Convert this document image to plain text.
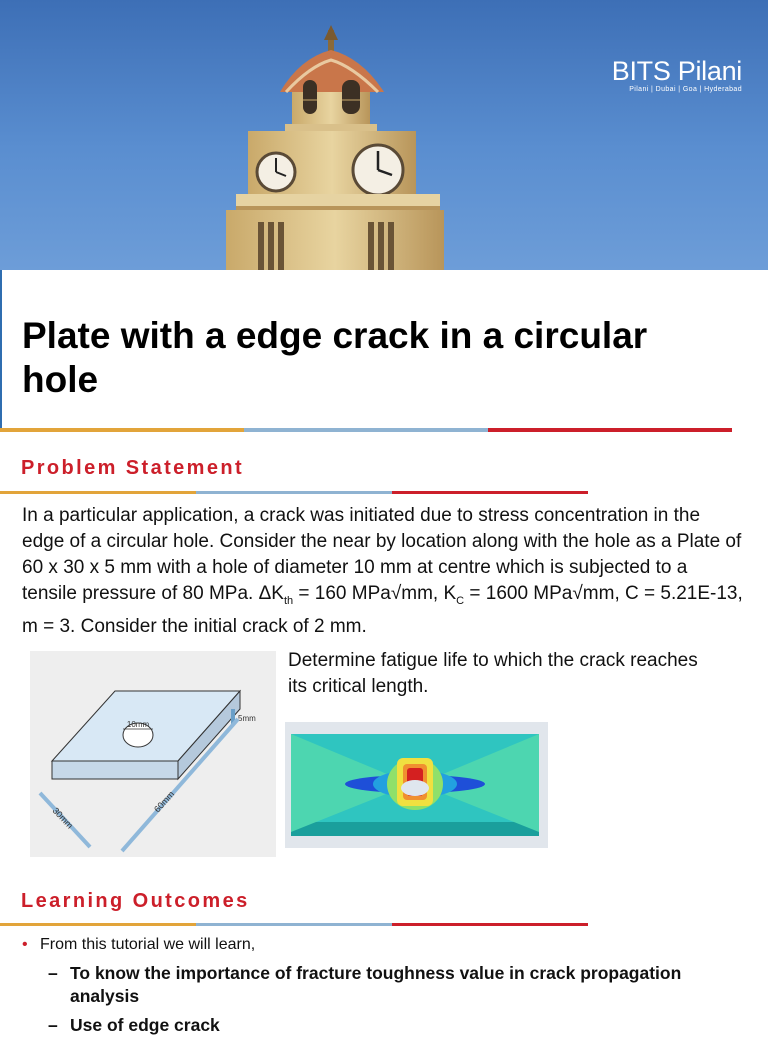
BITS Pilani
Pilani | Dubai | Goa | Hyderabad
Plate with a edge crack in a circular hole
Problem Statement

In a particular application, a crack was initiated due to stress concentration in the edge of a circular hole. Consider the near by location along with the hole as a Plate of 60 x 30 x 5 mm with a hole of diameter 10 mm at centre which is subjected to a tensile pressure of 80 MPa. $\Delta K_{th} = 160$ MPa√mm, $K_C = 1600$ MPa√mm, C = 5.21E-13, m = 3. Consider the initial crack of 2 mm.

10mm
5mm
30mm
60mm

Determine fatigue life to which the crack reaches its critical length.

Learning Outcomes
• From this tutorial we will learn,
– To know the importance of fracture toughness value in crack propagation analysis
– Use of edge crack
